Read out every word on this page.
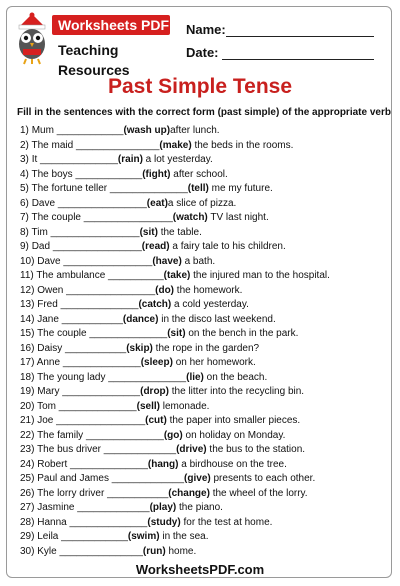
Worksheets PDF
Teaching Resources
Name:
Date:
Past Simple Tense
Fill in the sentences with the correct form (past simple) of the appropriate verb
1) Mum ____________(wash up)after lunch.
2) The maid _______________(make) the beds in the rooms.
3) It ______________(rain) a lot yesterday.
4) The boys ____________(fight) after school.
5) The fortune teller ______________(tell) me my future.
6) Dave ________________(eat)a slice of pizza.
7) The couple ________________(watch) TV last night.
8) Tim ________________(sit) the table.
9) Dad ________________(read) a fairy tale to his children.
10) Dave ________________(have) a bath.
11) The ambulance __________(take) the injured man to the hospital.
12) Owen ________________(do) the homework.
13) Fred ______________(catch) a cold yesterday.
14) Jane ___________(dance) in the disco last weekend.
15) The couple ______________(sit) on the bench in the park.
16) Daisy ___________(skip) the rope in the garden?
17) Anne ______________(sleep) on her homework.
18) The young lady ______________(lie) on the beach.
19) Mary ______________(drop) the litter into the recycling bin.
20) Tom ______________(sell) lemonade.
21) Joe ________________(cut) the paper into smaller pieces.
22) The family ______________(go) on holiday on Monday.
23) The bus driver _____________(drive) the bus to the station.
24) Robert ______________(hang) a birdhouse on the tree.
25) Paul and James _____________(give) presents to each other.
26) The lorry driver ___________(change) the wheel of the lorry.
27) Jasmine _____________(play) the piano.
28) Hanna ______________(study) for the test at home.
29) Leila ____________(swim) in the sea.
30) Kyle _______________(run) home.
WorksheetsPDF.com
